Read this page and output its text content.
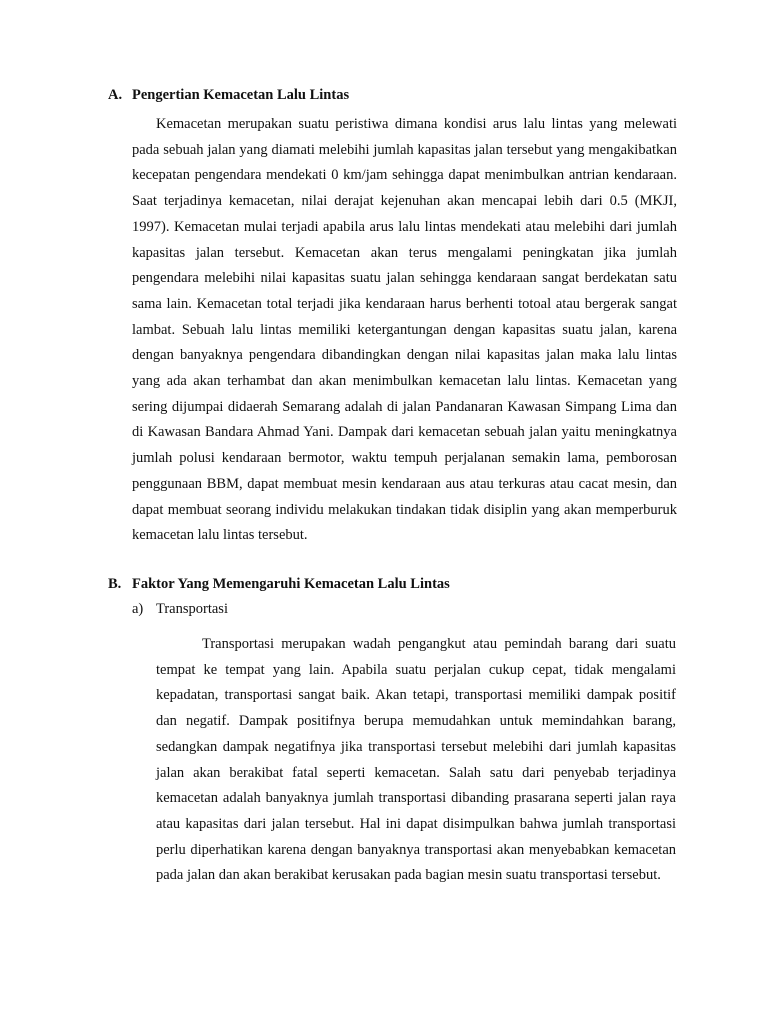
A. Pengertian Kemacetan Lalu Lintas

Kemacetan merupakan suatu peristiwa dimana kondisi arus lalu lintas yang melewati pada sebuah jalan yang diamati melebihi jumlah kapasitas jalan tersebut yang mengakibatkan kecepatan pengendara mendekati 0 km/jam sehingga dapat menimbulkan antrian kendaraan. Saat terjadinya kemacetan, nilai derajat kejenuhan akan mencapai lebih dari 0.5 (MKJI, 1997). Kemacetan mulai terjadi apabila arus lalu lintas mendekati atau melebihi dari jumlah kapasitas jalan tersebut. Kemacetan akan terus mengalami peningkatan jika jumlah pengendara melebihi nilai kapasitas suatu jalan sehingga kendaraan sangat berdekatan satu sama lain. Kemacetan total terjadi jika kendaraan harus berhenti totoal atau bergerak sangat lambat. Sebuah lalu lintas memiliki ketergantungan dengan kapasitas suatu jalan, karena dengan banyaknya pengendara dibandingkan dengan nilai kapasitas jalan maka lalu lintas yang ada akan terhambat dan akan menimbulkan kemacetan lalu lintas. Kemacetan yang sering dijumpai didaerah Semarang adalah di jalan Pandanaran Kawasan Simpang Lima dan di Kawasan Bandara Ahmad Yani. Dampak dari kemacetan sebuah jalan yaitu meningkatnya jumlah polusi kendaraan bermotor, waktu tempuh perjalanan semakin lama, pemborosan penggunaan BBM, dapat membuat mesin kendaraan aus atau terkuras atau cacat mesin, dan dapat membuat seorang individu melakukan tindakan tidak disiplin yang akan memperburuk kemacetan lalu lintas tersebut.

B. Faktor Yang Memengaruhi Kemacetan Lalu Lintas
a) Transportasi

Transportasi merupakan wadah pengangkut atau pemindah barang dari suatu tempat ke tempat yang lain. Apabila suatu perjalan cukup cepat, tidak mengalami kepadatan, transportasi sangat baik. Akan tetapi, transportasi memiliki dampak positif dan negatif. Dampak positifnya berupa memudahkan untuk memindahkan barang, sedangkan dampak negatifnya jika transportasi tersebut melebihi dari jumlah kapasitas jalan akan berakibat fatal seperti kemacetan. Salah satu dari penyebab terjadinya kemacetan adalah banyaknya jumlah transportasi dibanding prasarana seperti jalan raya atau kapasitas dari jalan tersebut. Hal ini dapat disimpulkan bahwa jumlah transportasi perlu diperhatikan karena dengan banyaknya transportasi akan menyebabkan kemacetan pada jalan dan akan berakibat kerusakan pada bagian mesin suatu transportasi tersebut.
